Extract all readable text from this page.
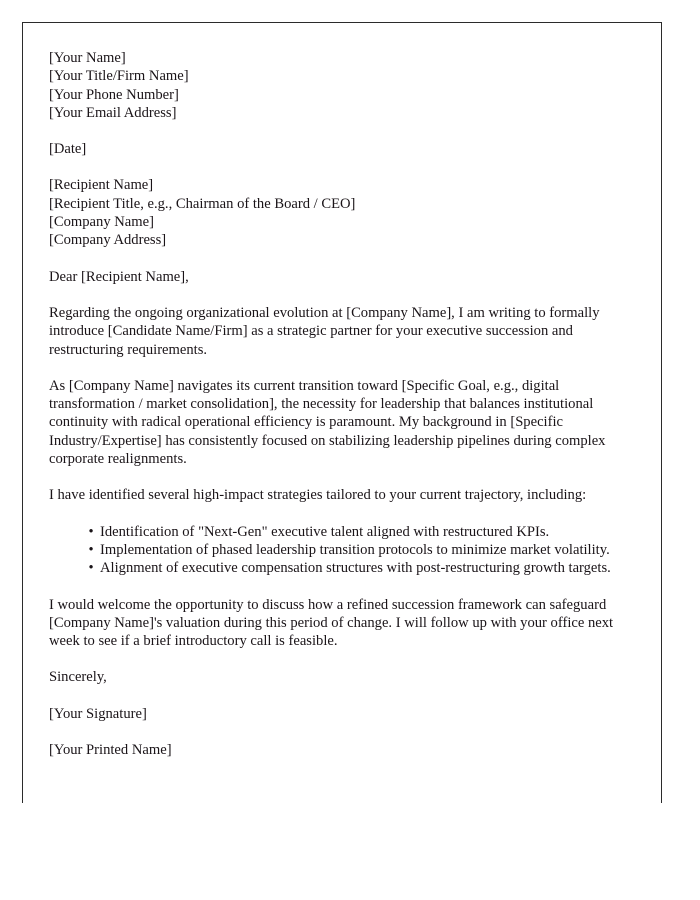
[Your Name]
[Your Title/Firm Name]
[Your Phone Number]
[Your Email Address]
[Date]
[Recipient Name]
[Recipient Title, e.g., Chairman of the Board / CEO]
[Company Name]
[Company Address]

Dear [Recipient Name],

Regarding the ongoing organizational evolution at [Company Name], I am writing to formally introduce [Candidate Name/Firm] as a strategic partner for your executive succession and restructuring requirements.

As [Company Name] navigates its current transition toward [Specific Goal, e.g., digital transformation / market consolidation], the necessity for leadership that balances institutional continuity with radical operational efficiency is paramount. My background in [Specific Industry/Expertise] has consistently focused on stabilizing leadership pipelines during complex corporate realignments.

I have identified several high-impact strategies tailored to your current trajectory, including:

• Identification of "Next-Gen" executive talent aligned with restructured KPIs.
• Implementation of phased leadership transition protocols to minimize market volatility.
• Alignment of executive compensation structures with post-restructuring growth targets.

I would welcome the opportunity to discuss how a refined succession framework can safeguard [Company Name]'s valuation during this period of change. I will follow up with your office next week to see if a brief introductory call is feasible.

Sincerely,

[Your Signature]

[Your Printed Name]
